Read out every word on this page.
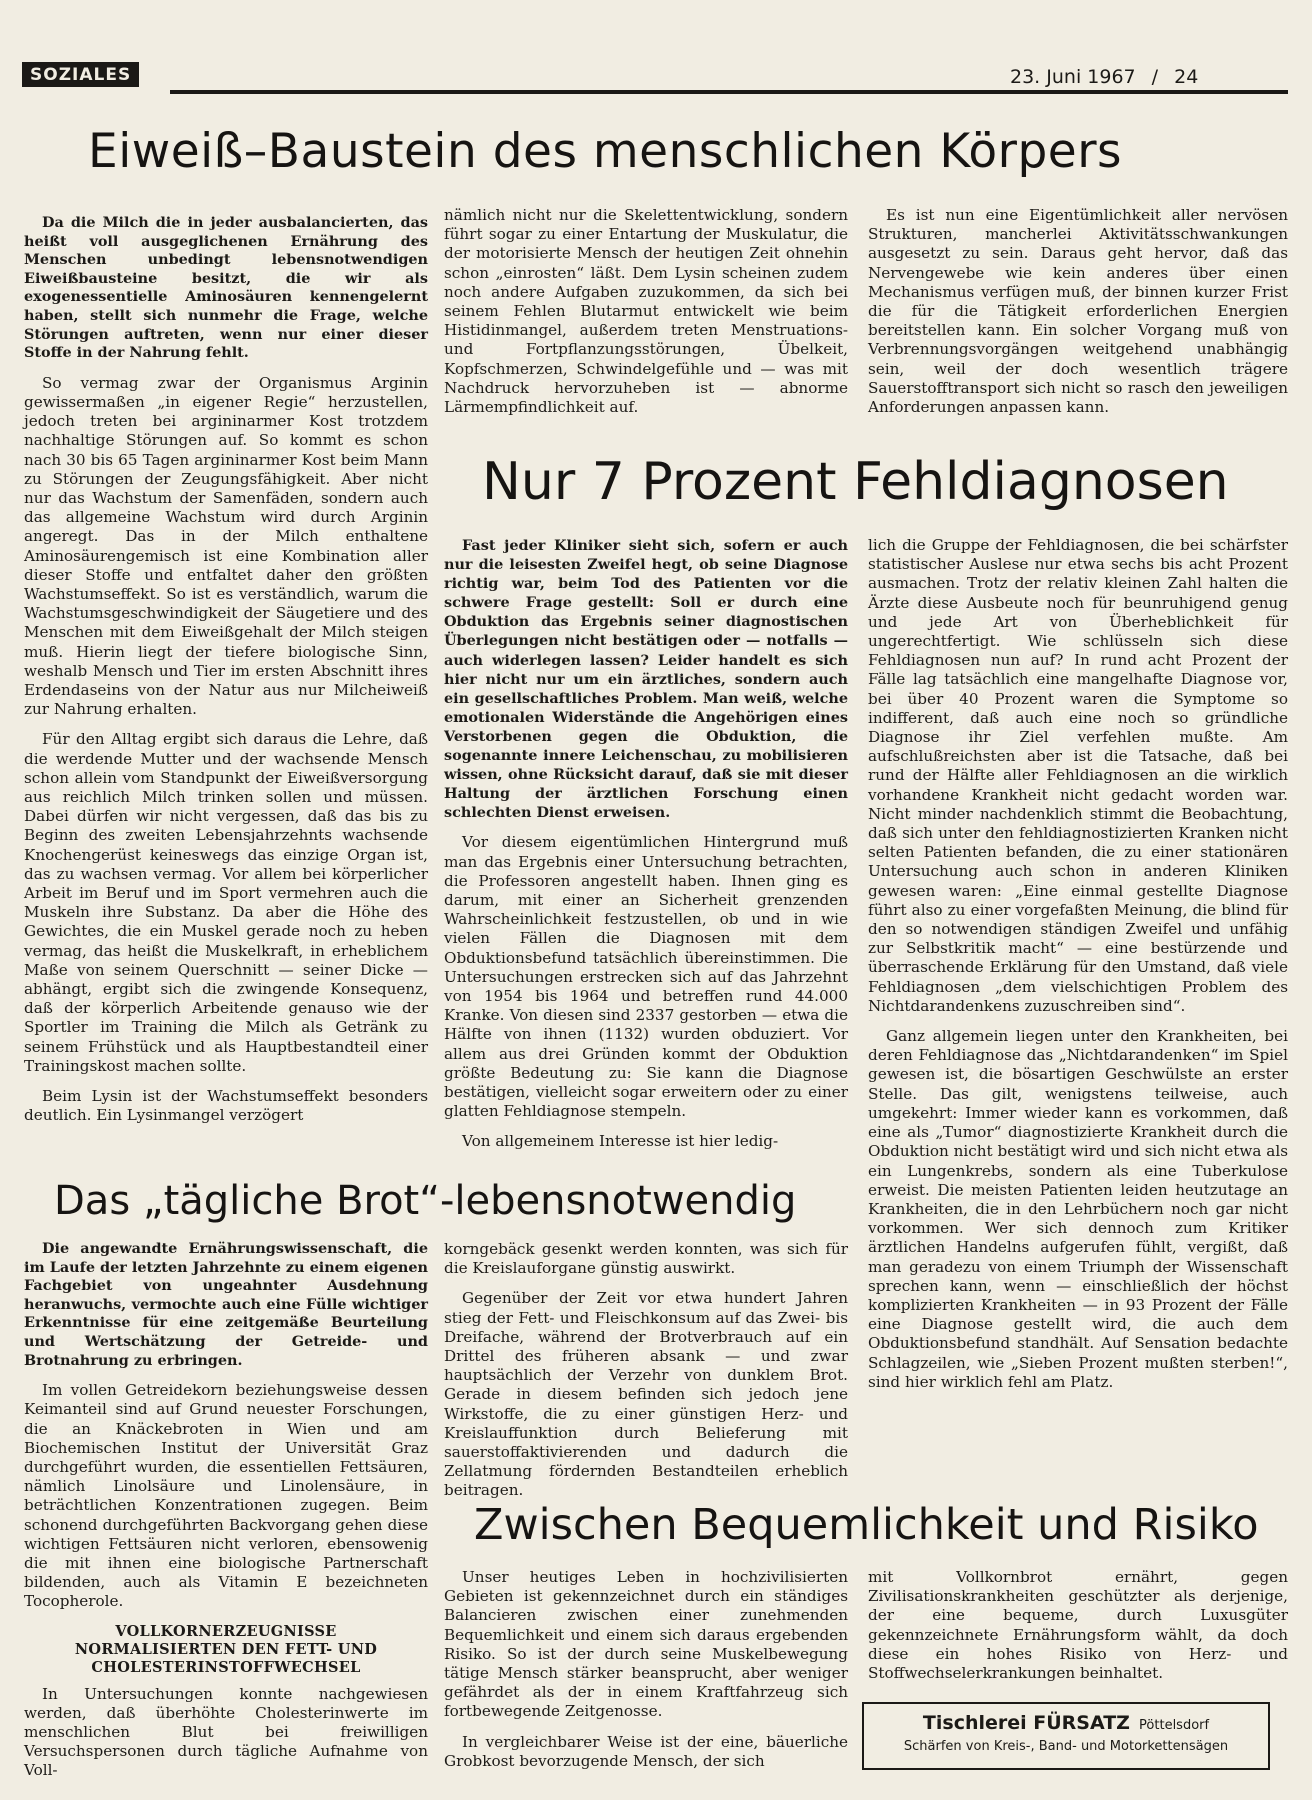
SOZIALES	23. Juni 1967 / 24
Eiweiß–Baustein des menschlichen Körpers

Da die Milch die in jeder ausbalancierten, das heißt voll ausgeglichenen Ernährung des Menschen unbedingt lebensnotwendigen Eiweißbausteine besitzt, die wir als exogenessentielle Aminosäuren kennengelernt haben, stellt sich nunmehr die Frage, welche Störungen auftreten, wenn nur einer dieser Stoffe in der Nahrung fehlt.

So vermag zwar der Organismus Arginin gewissermaßen „in eigener Regie“ herzustellen, jedoch treten bei argininarmer Kost trotzdem nachhaltige Störungen auf. So kommt es schon nach 30 bis 65 Tagen argininarmer Kost beim Mann zu Störungen der Zeugungsfähigkeit. Aber nicht nur das Wachstum der Samenfäden, sondern auch das allgemeine Wachstum wird durch Arginin angeregt. Das in der Milch enthaltene Aminosäurengemisch ist eine Kombination aller dieser Stoffe und entfaltet daher den größten Wachstumseffekt. So ist es verständlich, warum die Wachstumsgeschwindigkeit der Säugetiere und des Menschen mit dem Eiweißgehalt der Milch steigen muß. Hierin liegt der tiefere biologische Sinn, weshalb Mensch und Tier im ersten Abschnitt ihres Erdendaseins von der Natur aus nur Milcheiweiß zur Nahrung erhalten.

Für den Alltag ergibt sich daraus die Lehre, daß die werdende Mutter und der wachsende Mensch schon allein vom Standpunkt der Eiweißversorgung aus reichlich Milch trinken sollen und müssen. Dabei dürfen wir nicht vergessen, daß das bis zu Beginn des zweiten Lebensjahrzehnts wachsende Knochengerüst keineswegs das einzige Organ ist, das zu wachsen vermag. Vor allem bei körperlicher Arbeit im Beruf und im Sport vermehren auch die Muskeln ihre Substanz. Da aber die Höhe des Gewichtes, die ein Muskel gerade noch zu heben vermag, das heißt die Muskelkraft, in erheblichem Maße von seinem Querschnitt — seiner Dicke — abhängt, ergibt sich die zwingende Konsequenz, daß der körperlich Arbeitende genauso wie der Sportler im Training die Milch als Getränk zu seinem Frühstück und als Hauptbestandteil einer Trainingskost machen sollte.

Beim Lysin ist der Wachstumseffekt besonders deutlich. Ein Lysinmangel verzögert

nämlich nicht nur die Skelettentwicklung, sondern führt sogar zu einer Entartung der Muskulatur, die der motorisierte Mensch der heutigen Zeit ohnehin schon „einrosten“ läßt. Dem Lysin scheinen zudem noch andere Aufgaben zuzukommen, da sich bei seinem Fehlen Blutarmut entwickelt wie beim Histidinmangel, außerdem treten Menstruations- und Fortpflanzungsstörungen, Übelkeit, Kopfschmerzen, Schwindelgefühle und — was mit Nachdruck hervorzuheben ist — abnorme Lärmempfindlichkeit auf.

Es ist nun eine Eigentümlichkeit aller nervösen Strukturen, mancherlei Aktivitätsschwankungen ausgesetzt zu sein. Daraus geht hervor, daß das Nervengewebe wie kein anderes über einen Mechanismus verfügen muß, der binnen kurzer Frist die für die Tätigkeit erforderlichen Energien bereitstellen kann. Ein solcher Vorgang muß von Verbrennungsvorgängen weitgehend unabhängig sein, weil der doch wesentlich trägere Sauerstofftransport sich nicht so rasch den jeweiligen Anforderungen anpassen kann.

Nur 7 Prozent Fehldiagnosen

Fast jeder Kliniker sieht sich, sofern er auch nur die leisesten Zweifel hegt, ob seine Diagnose richtig war, beim Tod des Patienten vor die schwere Frage gestellt: Soll er durch eine Obduktion das Ergebnis seiner diagnostischen Überlegungen nicht bestätigen oder — notfalls — auch widerlegen lassen? Leider handelt es sich hier nicht nur um ein ärztliches, sondern auch ein gesellschaftliches Problem. Man weiß, welche emotionalen Widerstände die Angehörigen eines Verstorbenen gegen die Obduktion, die sogenannte innere Leichenschau, zu mobilisieren wissen, ohne Rücksicht darauf, daß sie mit dieser Haltung der ärztlichen Forschung einen schlechten Dienst erweisen.

Vor diesem eigentümlichen Hintergrund muß man das Ergebnis einer Untersuchung betrachten, die Professoren angestellt haben. Ihnen ging es darum, mit einer an Sicherheit grenzenden Wahrscheinlichkeit festzustellen, ob und in wie vielen Fällen die Diagnosen mit dem Obduktionsbefund tatsächlich übereinstimmen. Die Untersuchungen erstrecken sich auf das Jahrzehnt von 1954 bis 1964 und betreffen rund 44.000 Kranke. Von diesen sind 2337 gestorben — etwa die Hälfte von ihnen (1132) wurden obduziert. Vor allem aus drei Gründen kommt der Obduktion größte Bedeutung zu: Sie kann die Diagnose bestätigen, vielleicht sogar erweitern oder zu einer glatten Fehldiagnose stempeln.

Von allgemeinem Interesse ist hier ledig-

lich die Gruppe der Fehldiagnosen, die bei schärfster statistischer Auslese nur etwa sechs bis acht Prozent ausmachen. Trotz der relativ kleinen Zahl halten die Ärzte diese Ausbeute noch für beunruhigend genug und jede Art von Überheblichkeit für ungerechtfertigt. Wie schlüsseln sich diese Fehldiagnosen nun auf? In rund acht Prozent der Fälle lag tatsächlich eine mangelhafte Diagnose vor, bei über 40 Prozent waren die Symptome so indifferent, daß auch eine noch so gründliche Diagnose ihr Ziel verfehlen mußte. Am aufschlußreichsten aber ist die Tatsache, daß bei rund der Hälfte aller Fehldiagnosen an die wirklich vorhandene Krankheit nicht gedacht worden war. Nicht minder nachdenklich stimmt die Beobachtung, daß sich unter den fehldiagnostizierten Kranken nicht selten Patienten befanden, die zu einer stationären Untersuchung auch schon in anderen Kliniken gewesen waren: „Eine einmal gestellte Diagnose führt also zu einer vorgefaßten Meinung, die blind für den so notwendigen ständigen Zweifel und unfähig zur Selbstkritik macht“ — eine bestürzende und überraschende Erklärung für den Umstand, daß viele Fehldiagnosen „dem vielschichtigen Problem des Nichtdarandenkens zuzuschreiben sind“.

Ganz allgemein liegen unter den Krankheiten, bei deren Fehldiagnose das „Nichtdarandenken“ im Spiel gewesen ist, die bösartigen Geschwülste an erster Stelle. Das gilt, wenigstens teilweise, auch umgekehrt: Immer wieder kann es vorkommen, daß eine als „Tumor“ diagnostizierte Krankheit durch die Obduktion nicht bestätigt wird und sich nicht etwa als ein Lungenkrebs, sondern als eine Tuberkulose erweist. Die meisten Patienten leiden heutzutage an Krankheiten, die in den Lehrbüchern noch gar nicht vorkommen. Wer sich dennoch zum Kritiker ärztlichen Handelns aufgerufen fühlt, vergißt, daß man geradezu von einem Triumph der Wissenschaft sprechen kann, wenn — einschließlich der höchst komplizierten Krankheiten — in 93 Prozent der Fälle eine Diagnose gestellt wird, die auch dem Obduktionsbefund standhält. Auf Sensation bedachte Schlagzeilen, wie „Sieben Prozent mußten sterben!“, sind hier wirklich fehl am Platz.

Das „tägliche Brot“-lebensnotwendig

Die angewandte Ernährungswissenschaft, die im Laufe der letzten Jahrzehnte zu einem eigenen Fachgebiet von ungeahnter Ausdehnung heranwuchs, vermochte auch eine Fülle wichtiger Erkenntnisse für eine zeitgemäße Beurteilung und Wertschätzung der Getreide- und Brotnahrung zu erbringen.

Im vollen Getreidekorn beziehungsweise dessen Keimanteil sind auf Grund neuester Forschungen, die an Knäckebroten in Wien und am Biochemischen Institut der Universität Graz durchgeführt wurden, die essentiellen Fettsäuren, nämlich Linolsäure und Linolensäure, in beträchtlichen Konzentrationen zugegen. Beim schonend durchgeführten Backvorgang gehen diese wichtigen Fettsäuren nicht verloren, ebensowenig die mit ihnen eine biologische Partnerschaft bildenden, auch als Vitamin E bezeichneten Tocopherole.

VOLLKORNERZEUGNISSE NORMALISIERTEN DEN FETT- UND CHOLESTERINSTOFFWECHSEL

In Untersuchungen konnte nachgewiesen werden, daß überhöhte Cholesterinwerte im menschlichen Blut bei freiwilligen Versuchspersonen durch tägliche Aufnahme von Voll-

korngebäck gesenkt werden konnten, was sich für die Kreislauforgane günstig auswirkt.

Gegenüber der Zeit vor etwa hundert Jahren stieg der Fett- und Fleischkonsum auf das Zwei- bis Dreifache, während der Brotverbrauch auf ein Drittel des früheren absank — und zwar hauptsächlich der Verzehr von dunklem Brot. Gerade in diesem befinden sich jedoch jene Wirkstoffe, die zu einer günstigen Herz- und Kreislauffunktion durch Belieferung mit sauerstoffaktivierenden und dadurch die Zellatmung fördernden Bestandteilen erheblich beitragen.

Zwischen Bequemlichkeit und Risiko

Unser heutiges Leben in hochzivilisierten Gebieten ist gekennzeichnet durch ein ständiges Balancieren zwischen einer zunehmenden Bequemlichkeit und einem sich daraus ergebenden Risiko. So ist der durch seine Muskelbewegung tätige Mensch stärker beansprucht, aber weniger gefährdet als der in einem Kraftfahrzeug sich fortbewegende Zeitgenosse.

In vergleichbarer Weise ist der eine, bäuerliche Grobkost bevorzugende Mensch, der sich

mit Vollkornbrot ernährt, gegen Zivilisationskrankheiten geschützter als derjenige, der eine bequeme, durch Luxusgüter gekennzeichnete Ernährungsform wählt, da doch diese ein hohes Risiko von Herz- und Stoffwechselerkrankungen beinhaltet.

Tischlerei FÜRSATZ Pöttelsdorf
Schärfen von Kreis-, Band- und Motorkettensägen
